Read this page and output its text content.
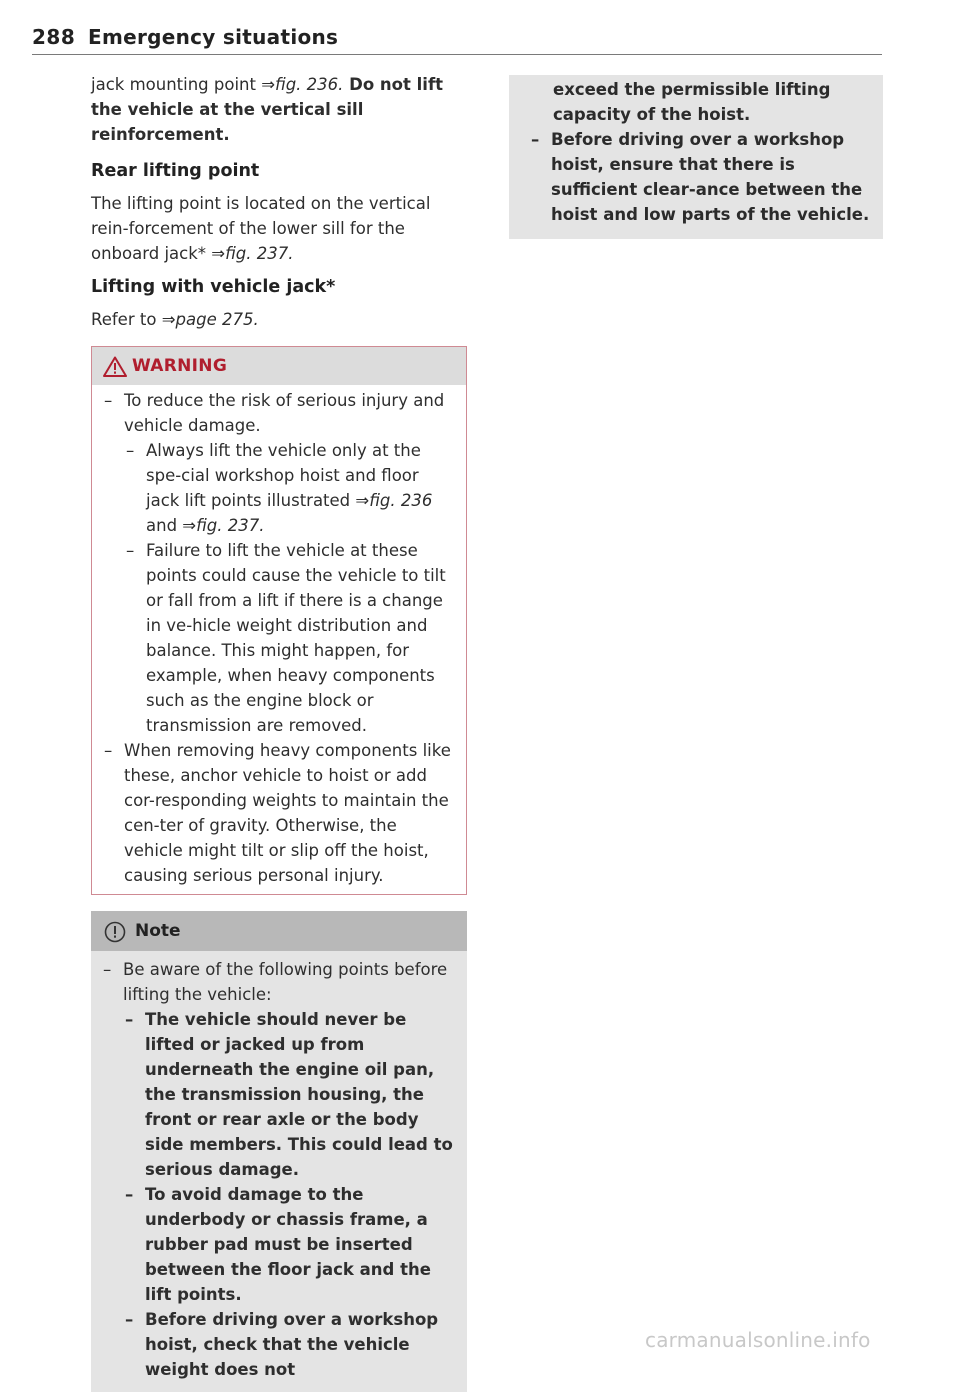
288 Emergency situations

jack mounting point ⇒fig. 236. Do not lift
the vehicle at the vertical sill reinforcement.

Rear lifting point

The lifting point is located on the vertical rein-forcement of the lower sill for the onboard jack* ⇒fig. 237.

Lifting with vehicle jack*

Refer to ⇒page 275.

WARNING
– To reduce the risk of serious injury and vehicle damage.
– Always lift the vehicle only at the spe-cial workshop hoist and floor jack lift points illustrated ⇒fig. 236 and ⇒fig. 237.
– Failure to lift the vehicle at these points could cause the vehicle to tilt or fall from a lift if there is a change in ve-hicle weight distribution and balance. This might happen, for example, when heavy components such as the engine block or transmission are removed.
– When removing heavy components like these, anchor vehicle to hoist or add cor-responding weights to maintain the cen-ter of gravity. Otherwise, the vehicle might tilt or slip off the hoist, causing serious personal injury.
Note
– Be aware of the following points before lifting the vehicle:
– The vehicle should never be lifted or jacked up from underneath the engine oil pan, the transmission housing, the front or rear axle or the body side members. This could lead to serious damage.
– To avoid damage to the underbody or chassis frame, a rubber pad must be inserted between the floor jack and the lift points.
– Before driving over a workshop hoist, check that the vehicle weight does not
exceed the permissible lifting capacity of the hoist.
– Before driving over a workshop hoist, ensure that there is sufficient clear-ance between the hoist and low parts of the vehicle.
carmanualsonline.info
